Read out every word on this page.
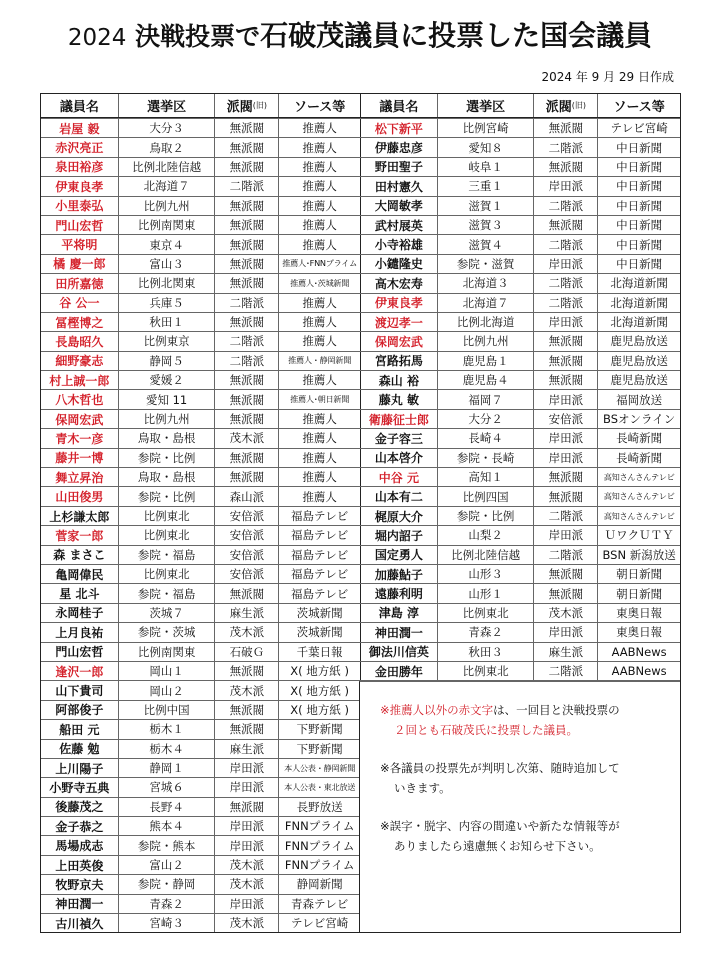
2024 決戦投票で石破茂議員に投票した国会議員
2024 年 9 月 29 日作成
議員名	選挙区	派閥 (旧)	ソース等	議員名	選挙区	派閥 (旧)	ソース等
岩屋 毅	大分３	無派閥	推薦人	松下新平	比例宮崎	無派閥	テレビ宮崎
赤沢亮正	鳥取２	無派閥	推薦人	伊藤忠彦	愛知８	二階派	中日新聞
泉田裕彦	比例北陸信越	無派閥	推薦人	野田聖子	岐阜１	無派閥	中日新聞
伊東良孝	北海道７	二階派	推薦人	田村憲久	三重１	岸田派	中日新聞
小里泰弘	比例九州	無派閥	推薦人	大岡敏孝	滋賀１	二階派	中日新聞
門山宏哲	比例南関東	無派閥	推薦人	武村展英	滋賀３	無派閥	中日新聞
平将明	東京４	無派閥	推薦人	小寺裕雄	滋賀４	二階派	中日新聞
橘 慶一郎	富山３	無派閥	推薦人･FNNプライム	小鑓隆史	参院・滋賀	岸田派	中日新聞
田所嘉徳	比例北関東	無派閥	推薦人･茨城新聞	高木宏寿	北海道３	二階派	北海道新聞
谷 公一	兵庫５	二階派	推薦人	伊東良孝	北海道７	二階派	北海道新聞
冨樫博之	秋田１	無派閥	推薦人	渡辺孝一	比例北海道	岸田派	北海道新聞
長島昭久	比例東京	二階派	推薦人	保岡宏武	比例九州	無派閥	鹿児島放送
細野豪志	静岡５	二階派	推薦人・静岡新聞	宮路拓馬	鹿児島１	無派閥	鹿児島放送
村上誠一郎	愛媛２	無派閥	推薦人	森山 裕	鹿児島４	無派閥	鹿児島放送
八木哲也	愛知 11	無派閥	推薦人･朝日新聞	藤丸 敏	福岡７	岸田派	福岡放送
保岡宏武	比例九州	無派閥	推薦人	衛藤征士郎	大分２	安倍派	BSオンライン
青木一彦	鳥取・島根	茂木派	推薦人	金子容三	長崎４	岸田派	長崎新聞
藤井一博	参院・比例	無派閥	推薦人	山本啓介	参院・長崎	岸田派	長崎新聞
舞立昇治	鳥取・島根	無派閥	推薦人	中谷 元	高知１	無派閥	高知さんさんテレビ
山田俊男	参院・比例	森山派	推薦人	山本有二	比例四国	無派閥	高知さんさんテレビ
上杉謙太郎	比例東北	安倍派	福島テレビ	梶原大介	参院・比例	二階派	高知さんさんテレビ
菅家一郎	比例東北	安倍派	福島テレビ	堀内詔子	山梨２	岸田派	ＵワクＵＴＹ
森 まさこ	参院・福島	安倍派	福島テレビ	国定勇人	比例北陸信越	二階派	BSN 新潟放送
亀岡偉民	比例東北	安倍派	福島テレビ	加藤鮎子	山形３	無派閥	朝日新聞
星 北斗	参院・福島	無派閥	福島テレビ	遠藤利明	山形１	無派閥	朝日新聞
永岡桂子	茨城７	麻生派	茨城新聞	津島 淳	比例東北	茂木派	東奥日報
上月良祐	参院・茨城	茂木派	茨城新聞	神田潤一	青森２	岸田派	東奥日報
門山宏哲	比例南関東	石破Ｇ	千葉日報	御法川信英	秋田３	麻生派	AABNews
逢沢一郎	岡山１	無派閥	X( 地方紙 )	金田勝年	比例東北	二階派	AABNews
山下貴司	岡山２	茂木派	X( 地方紙 )
阿部俊子	比例中国	無派閥	X( 地方紙 )
船田 元	栃木１	無派閥	下野新聞
佐藤 勉	栃木４	麻生派	下野新聞
上川陽子	静岡１	岸田派	本人公表・静岡新聞
小野寺五典	宮城６	岸田派	本人公表・東北放送
後藤茂之	長野４	無派閥	長野放送
金子恭之	熊本４	岸田派	FNNプライム
馬場成志	参院・熊本	岸田派	FNNプライム
上田英俊	富山２	茂木派	FNNプライム
牧野京夫	参院・静岡	茂木派	静岡新聞
神田潤一	青森２	岸田派	青森テレビ
古川禎久	宮崎３	茂木派	テレビ宮崎

※推薦人以外の赤文字は、一回目と決戦投票の
２回とも石破茂氏に投票した議員。

※各議員の投票先が判明し次第、随時追加して
いきます。

※誤字・脱字、内容の間違いや新たな情報等が
ありましたら遠慮無くお知らせ下さい。
